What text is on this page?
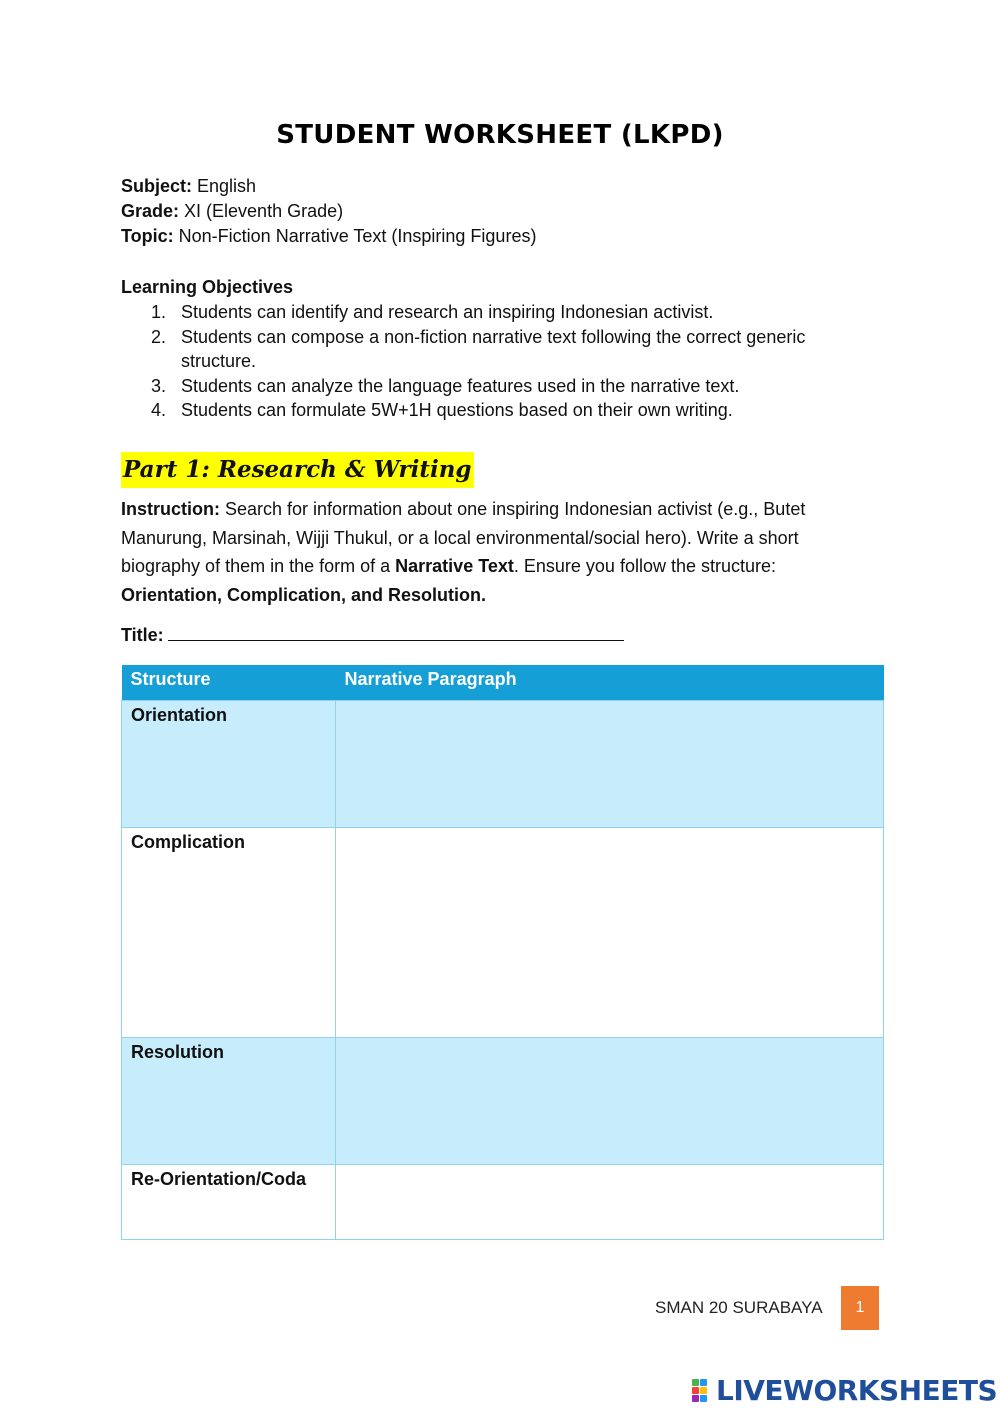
STUDENT WORKSHEET (LKPD)
Subject: English
Grade: XI (Eleventh Grade)
Topic: Non-Fiction Narrative Text (Inspiring Figures)
Learning Objectives
1. Students can identify and research an inspiring Indonesian activist.
2. Students can compose a non-fiction narrative text following the correct generic structure.
3. Students can analyze the language features used in the narrative text.
4. Students can formulate 5W+1H questions based on their own writing.
Part 1: Research & Writing
Instruction: Search for information about one inspiring Indonesian activist (e.g., Butet Manurung, Marsinah, Wijji Thukul, or a local environmental/social hero). Write a short biography of them in the form of a Narrative Text. Ensure you follow the structure: Orientation, Complication, and Resolution.
Title:
Structure	Narrative Paragraph
Orientation	
Complication	
Resolution	
Re-Orientation/Coda	
SMAN 20 SURABAYA	1
LIVEWORKSHEETS
